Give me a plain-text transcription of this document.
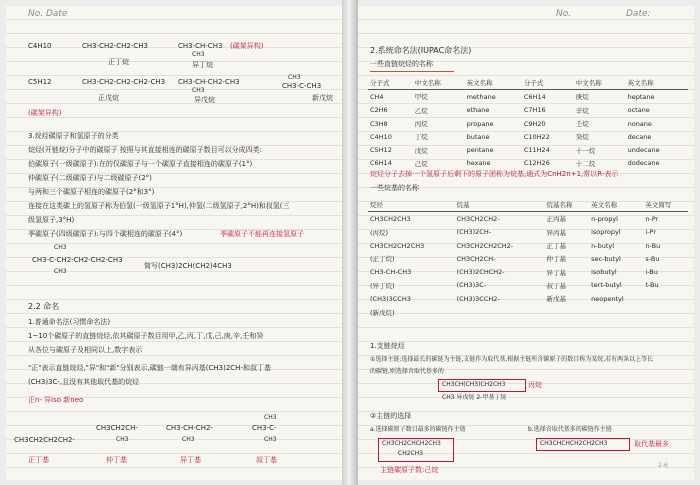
No. Date
C4H10	CH3-CH2-CH2-CH3
正丁烷
CH3-CH-CH3
CH3
异丁烷
(碳架异构)
C5H12	CH3-CH2-CH2-CH2-CH3
正戊烷
CH3-CH-CH2-CH3
CH3
异戊烷
CH3-C-CH3
CH3
新戊烷
(碳架异构)
3.烷烃碳原子和氢原子的分类
烷烃(开链烷)分子中的碳原子 按照与其直接相连的碳原子数目可以分成四类:
伯碳原子(一级碳原子):在的仅碳原子与一个碳原子直接相连的碳原子(1°)
仲碳原子(二级碳原子)与二级碳原子(2°)
与两和三个碳原子相连的碳原子(2°和3°)
连接在这类碳上的氢原子称为伯氢(一级氢原子1°H),仲氢(二级氢原子,2°H)和叔氢(三
级氢原子,3°H)
季碳原子(四级碳原子):与四个碳相连的碳原子(4°)	季碳原子不能再连接氢原子
CH3
CH3-C-CH2-CH2-CH2-CH3
CH3
简写(CH3)2CH(CH2)4CH3
2.2 命名
1.普通命名法(习惯命名法)
1~10个碳原子的直链烷烃,依其碳原子数目用甲,乙,丙,丁,戊,己,庚,辛,壬和癸
从各位与碳原子及相同以上,数字表示
"正"表示直链烷烃,"异"和"新"分别表示,碳链一端有异丙基(CH3)2CH-和叔丁基
(CH3)3C-,且没有其他取代基的烷烃
正n- 异iso 新neo
CH3CH2CH2CH2-
正丁基
CH3CH2CH-
CH3
仲丁基
CH3-CH-CH2-
CH3
异丁基
CH3
CH3-C-
CH3
叔丁基
No.	Date:
2.系统命名法(IUPAC命名法)
一些直链烷烃的名称
分子式	中文名称	英文名称	分子式	中文名称	英文名称
CH4	甲烷	methane	C6H14	庚烷	heptane
C2H6	乙烷	ethane	C7H16	辛烷	octane
C3H8	丙烷	propane	C9H20	壬烷	nonane
C4H10	丁烷	butane	C10H22	癸烷	decane
C5H12	戊烷	pentane	C11H24	十一烷	undecane
C6H14	己烷	hexane	C12H26	十二烷	dodecane
烷烃分子去掉一个氢原子后剩下的原子团称为烷基,通式为CnH2n+1,常以R-表示
一些烷基的名称
烷烃	烷基	烷基名称	英文名称	英文简写
CH3CH2CH3	CH3CH2CH2-	正丙基	n-propyl	n-Pr
(丙烷)	(CH3)2CH-	异丙基	isopropyl	i-Pr
CH3CH2CH2CH3	CH3CH2CH2CH2-	正丁基	n-butyl	n-Bu
(正丁烷)	CH3CH2CH-	仲丁基	sec-butyl	s-Bu
CH3-CH-CH3	(CH3)2CHCH2-	异丁基	isobutyl	i-Bu
(异丁烷)	(CH3)3C-	叔丁基	tert-butyl	t-Bu
(CH3)3CCH3	(CH3)3CCH2-	新戊基	neopentyl	
(新戊烷)				
1.支链烷烃
①选择主链:选择最长的碳链为主链,支链作为取代基,根据主链所含碳原子的数目称为某烷,若有两条以上等长
的碳链,则选择含取代基多的
CH3CH(CH3)CH2CH3	丙烷
CH3 异戊烷 2-甲基丁烷
②主链的选择
a.选择碳原子数目最多的碳链作主链	b.选择含取代基多的碳链作主链
CH3CH2CHCH2CH3
CH2CH3
主链碳原子数:己烷
CH3CHCHCH2CH2CH3	取代基最多
2-6
